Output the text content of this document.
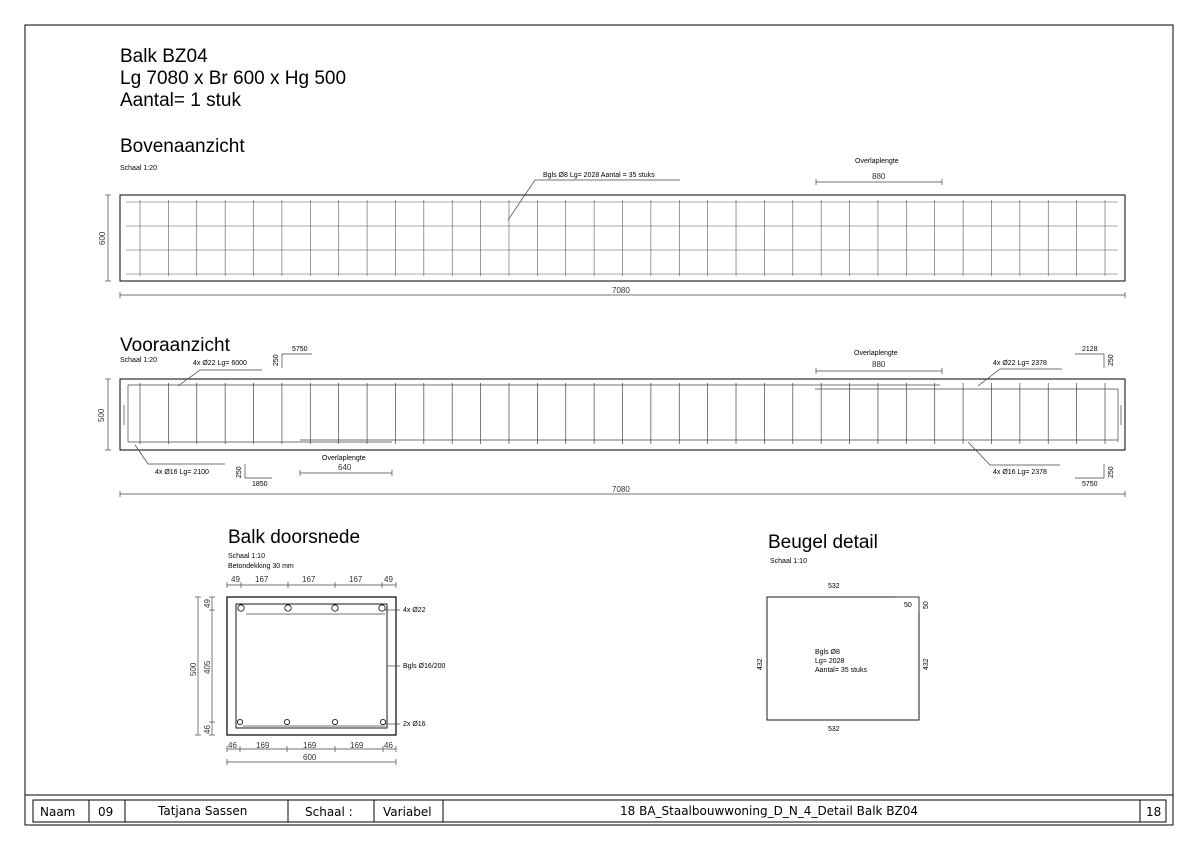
Balk BZ04
Lg 7080 x Br 600 x Hg 500
Aantal= 1 stuk
Bovenaanzicht
Schaal 1:20
Bgls Ø8 Lg= 2028 Aantal = 35 stuks
Overlaplengte
880
600
7080
Vooraanzicht
Schaal 1:20	4x Ø22 Lg= 6000
5750
250
Overlaplengte
880	4x Ø22 Lg= 2378
2128
250
4x Ø16 Lg= 2100
1850
250
Overlaplengte
640
4x Ø16 Lg= 2378
5750
250
500
7080
Balk doorsnede
Schaal 1:10
Betondekking 30 mm
4x Ø22
Bgls Ø16/200
2x Ø16
49 167	167	167	49
46 169	169	169	46
600
500
49
405
46
Beugel detail
Schaal 1:10
532
532
432	432
50 50
Bgls Ø8
Lg= 2028
Aantal= 35 stuks
Naam 09	Tatjana Sassen	Schaal :	Variabel	18 BA_Staalbouwwoning_D_N_4_Detail Balk BZ04	18
